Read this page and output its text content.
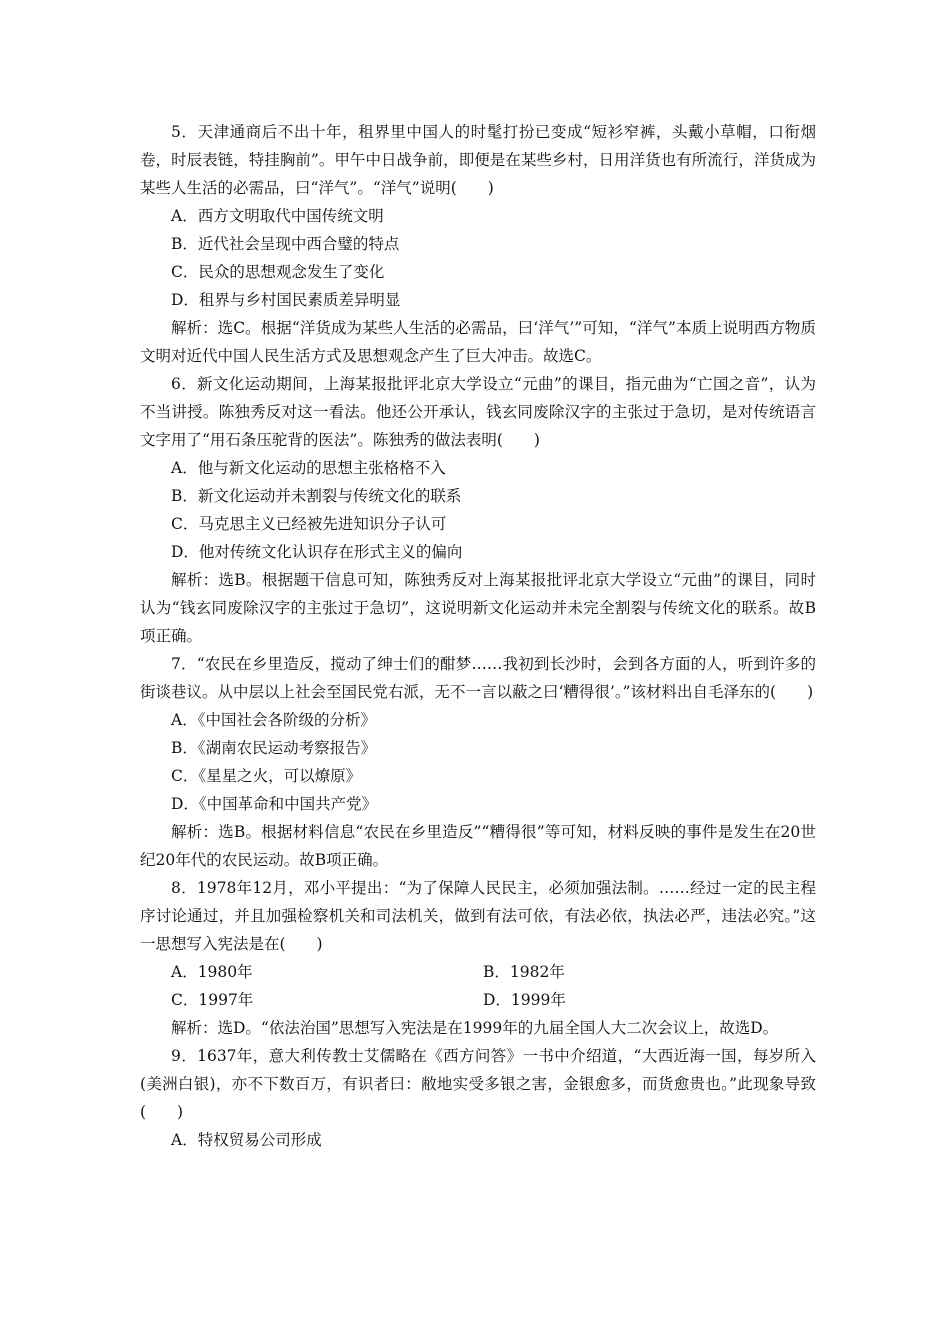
5．天津通商后不出十年，租界里中国人的时髦打扮已变成“短衫窄裤，头戴小草帽，口衔烟卷，时辰表链，特挂胸前”。甲午中日战争前，即便是在某些乡村，日用洋货也有所流行，洋货成为某些人生活的必需品，曰“洋气”。“洋气”说明(　　)

A．西方文明取代中国传统文明

B．近代社会呈现中西合璧的特点

C．民众的思想观念发生了变化

D．租界与乡村国民素质差异明显

解析：选C。根据“洋货成为某些人生活的必需品，曰‘洋气’”可知，“洋气”本质上说明西方物质文明对近代中国人民生活方式及思想观念产生了巨大冲击。故选C。

6．新文化运动期间，上海某报批评北京大学设立“元曲”的课目，指元曲为“亡国之音”，认为不当讲授。陈独秀反对这一看法。他还公开承认，钱玄同废除汉字的主张过于急切，是对传统语言文字用了“用石条压驼背的医法”。陈独秀的做法表明(　　)

A．他与新文化运动的思想主张格格不入

B．新文化运动并未割裂与传统文化的联系

C．马克思主义已经被先进知识分子认可

D．他对传统文化认识存在形式主义的偏向

解析：选B。根据题干信息可知，陈独秀反对上海某报批评北京大学设立“元曲”的课目，同时认为“钱玄同废除汉字的主张过于急切”，这说明新文化运动并未完全割裂与传统文化的联系。故B项正确。

7．“农民在乡里造反，搅动了绅士们的酣梦……我初到长沙时，会到各方面的人，听到许多的街谈巷议。从中层以上社会至国民党右派，无不一言以蔽之曰‘糟得很’。”该材料出自毛泽东的(　　)

A．《中国社会各阶级的分析》

B．《湖南农民运动考察报告》

C．《星星之火，可以燎原》

D．《中国革命和中国共产党》

解析：选B。根据材料信息“农民在乡里造反”“糟得很”等可知，材料反映的事件是发生在20世纪20年代的农民运动。故B项正确。

8．1978年12月，邓小平提出：“为了保障人民民主，必须加强法制。……经过一定的民主程序讨论通过，并且加强检察机关和司法机关，做到有法可依，有法必依，执法必严，违法必究。”这一思想写入宪法是在(　　)

A．1980年	B．1982年
C．1997年	D．1999年

解析：选D。“依法治国”思想写入宪法是在1999年的九届全国人大二次会议上，故选D。

9．1637年，意大利传教士艾儒略在《西方问答》一书中介绍道，“大西近海一国，每岁所入(美洲白银)，亦不下数百万，有识者曰：敝地实受多银之害，金银愈多，而货愈贵也。”此现象导致(　　)

A．特权贸易公司形成
